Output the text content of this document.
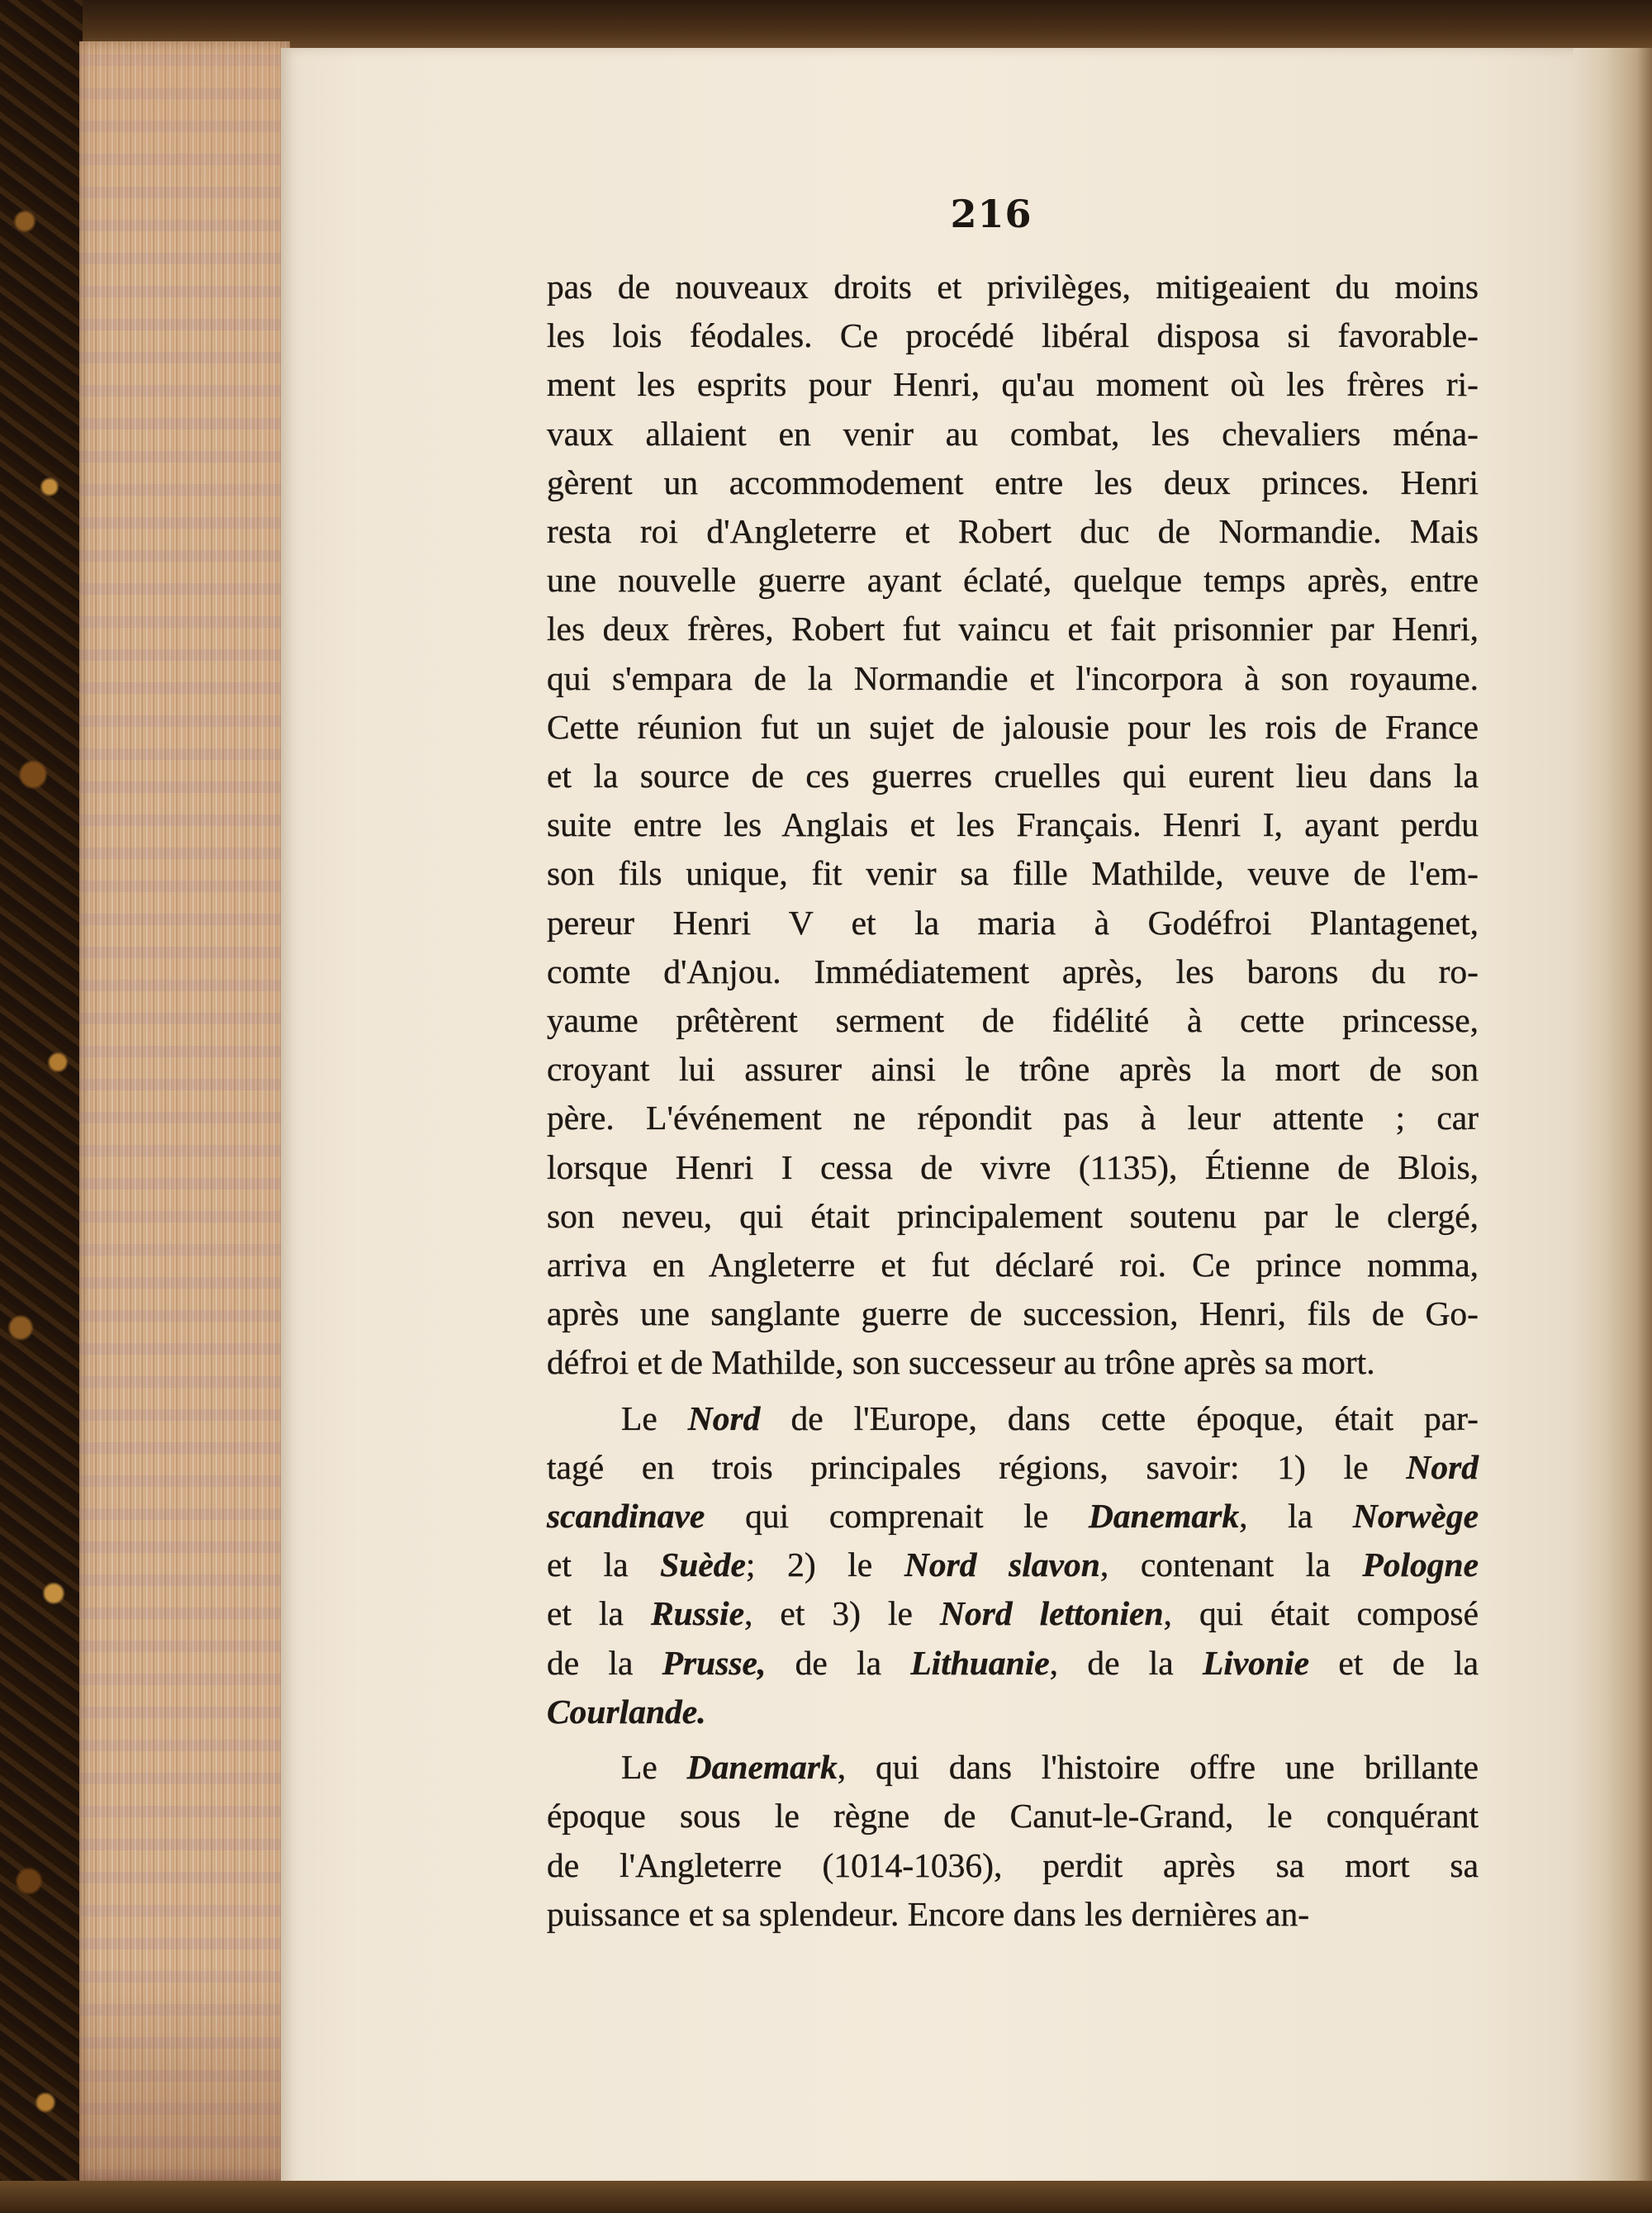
216
pas de nouveaux droits et privilèges, mitigeaient du moins
les lois féodales. Ce procédé libéral disposa si favorable-
ment les esprits pour Henri, qu'au moment où les frères ri-
vaux allaient en venir au combat, les chevaliers ména-
gèrent un accommodement entre les deux princes. Henri
resta roi d'Angleterre et Robert duc de Normandie. Mais
une nouvelle guerre ayant éclaté, quelque temps après, entre
les deux frères, Robert fut vaincu et fait prisonnier par Henri,
qui s'empara de la Normandie et l'incorpora à son royaume.
Cette réunion fut un sujet de jalousie pour les rois de France
et la source de ces guerres cruelles qui eurent lieu dans la
suite entre les Anglais et les Français. Henri I, ayant perdu
son fils unique, fit venir sa fille Mathilde, veuve de l'em-
pereur Henri V et la maria à Godéfroi Plantagenet,
comte d'Anjou. Immédiatement après, les barons du ro-
yaume prêtèrent serment de fidélité à cette princesse,
croyant lui assurer ainsi le trône après la mort de son
père. L'événement ne répondit pas à leur attente ; car
lorsque Henri I cessa de vivre (1135), Étienne de Blois,
son neveu, qui était principalement soutenu par le clergé,
arriva en Angleterre et fut déclaré roi. Ce prince nomma,
après une sanglante guerre de succession, Henri, fils de Go-
défroi et de Mathilde, son successeur au trône après sa mort.
Le Nord de l'Europe, dans cette époque, était par-
tagé en trois principales régions, savoir: 1) le Nord
scandinave qui comprenait le Danemark, la Norwège
et la Suède; 2) le Nord slavon, contenant la Pologne
et la Russie, et 3) le Nord lettonien, qui était composé
de la Prusse, de la Lithuanie, de la Livonie et de la
Courlande.
Le Danemark, qui dans l'histoire offre une brillante
époque sous le règne de Canut-le-Grand, le conquérant
de l'Angleterre (1014-1036), perdit après sa mort sa
puissance et sa splendeur. Encore dans les dernières an-
